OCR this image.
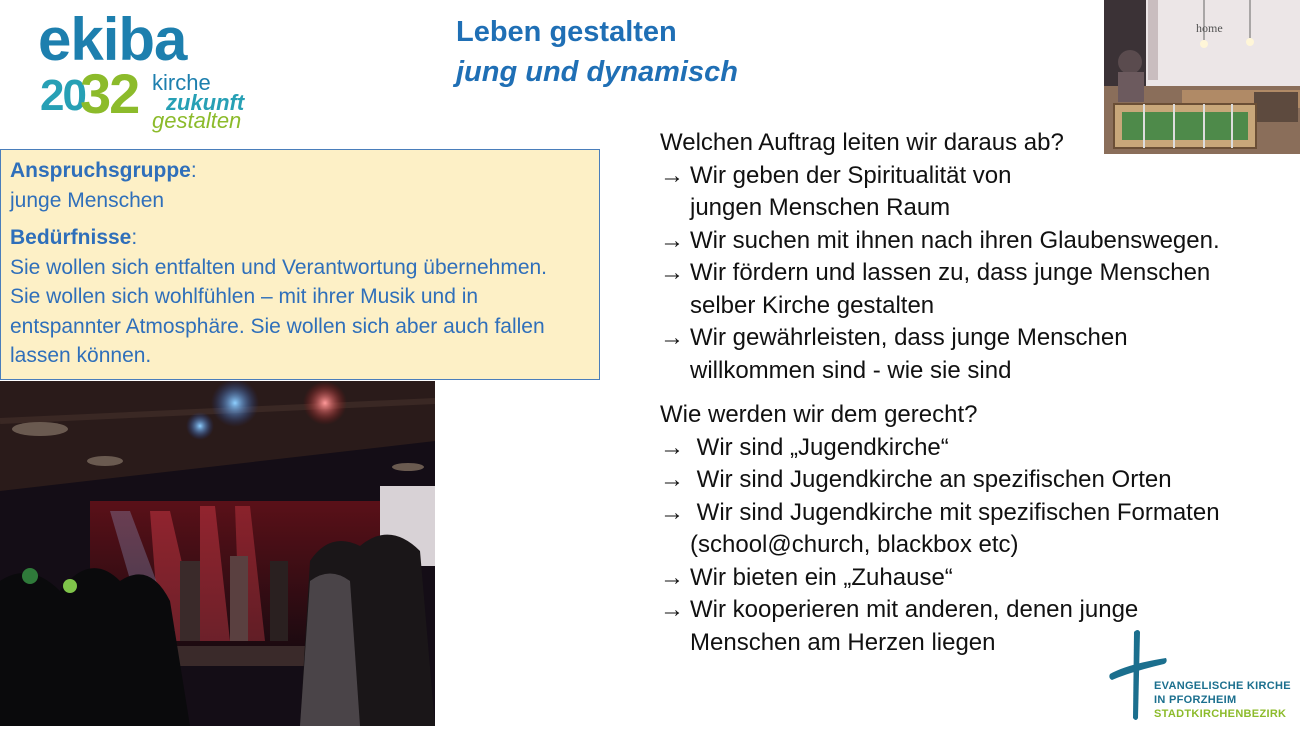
ekiba
20
32 kirche
zukunft
gestalten
Leben gestalten
jung und dynamisch
home

Anspruchsgruppe:

junge Menschen

Bedürfnisse:

Sie wollen sich entfalten und Verantwortung übernehmen.

Sie wollen sich wohlfühlen – mit ihrer Musik und in

entspannter Atmosphäre. Sie wollen sich aber auch fallen

lassen können.

Welchen Auftrag leiten wir daraus ab?
→ Wir geben der Spiritualität von
jungen Menschen Raum
→ Wir suchen mit ihnen nach ihren Glaubenswegen.
→ Wir fördern und lassen zu, dass junge Menschen
selber Kirche gestalten
→ Wir gewährleisten, dass junge Menschen
willkommen sind - wie sie sind
Wie werden wir dem gerecht?
→ Wir sind „Jugendkirche“
→ Wir sind Jugendkirche an spezifischen Orten
→ Wir sind Jugendkirche mit spezifischen Formaten
(school@church, blackbox etc)
→ Wir bieten ein „Zuhause“
→ Wir kooperieren mit anderen, denen junge
Menschen am Herzen liegen
EVANGELISCHE KIRCHE
IN PFORZHEIM
STADTKIRCHENBEZIRK
